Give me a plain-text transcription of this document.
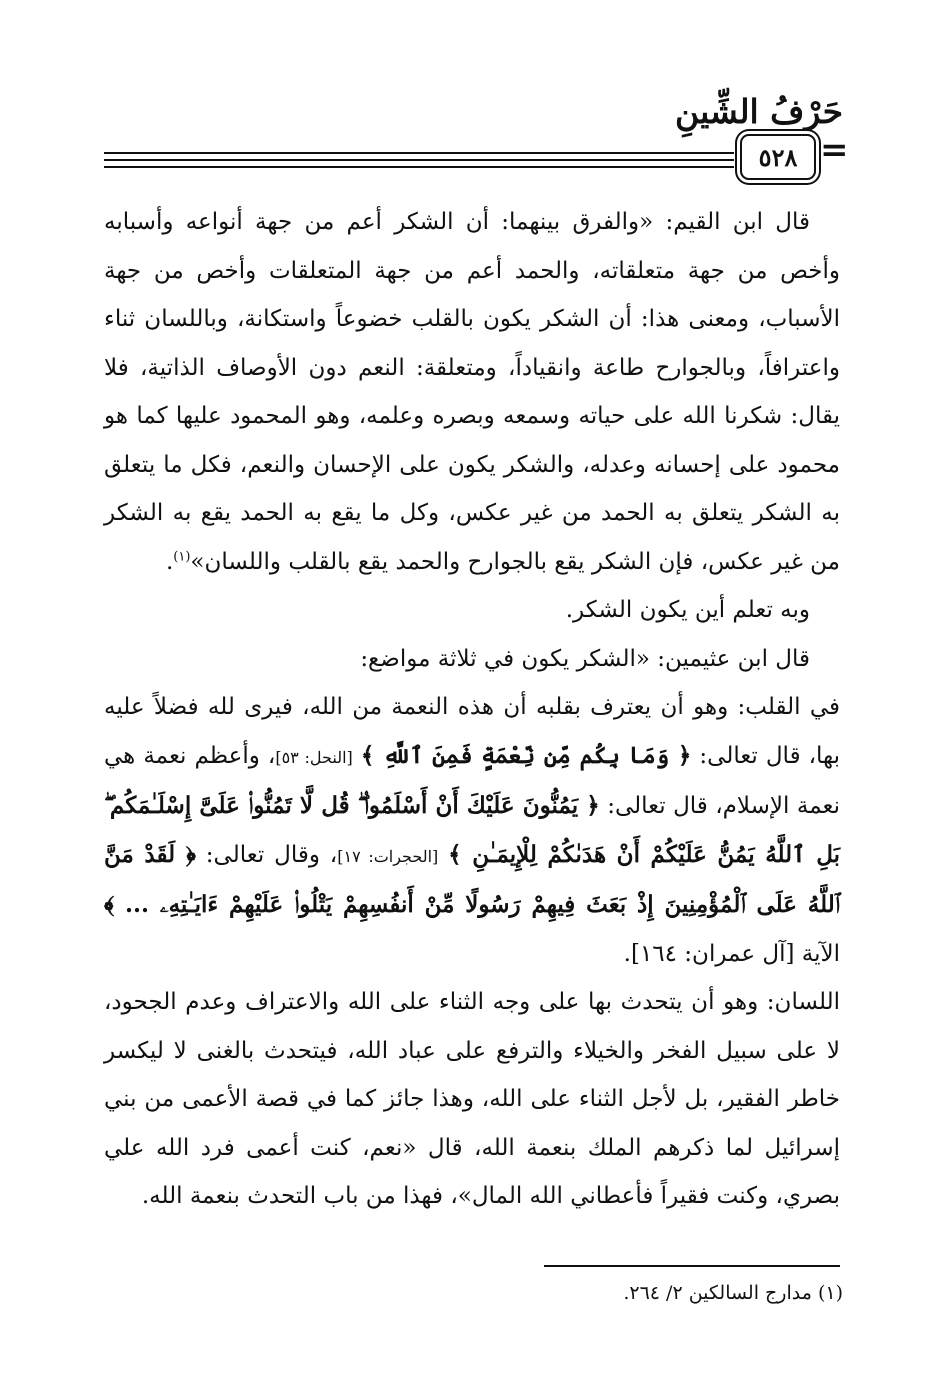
حَرْفُ الشِّينِ
٥٢٨ =

قال ابن القيم: «والفرق بينهما: أن الشكر أعم من جهة أنواعه وأسبابه وأخص من جهة متعلقاته، والحمد أعم من جهة المتعلقات وأخص من جهة الأسباب، ومعنى هذا: أن الشكر يكون بالقلب خضوعاً واستكانة، وباللسان ثناء واعترافاً، وبالجوارح طاعة وانقياداً، ومتعلقة: النعم دون الأوصاف الذاتية، فلا يقال: شكرنا الله على حياته وسمعه وبصره وعلمه، وهو المحمود عليها كما هو محمود على إحسانه وعدله، والشكر يكون على الإحسان والنعم، فكل ما يتعلق به الشكر يتعلق به الحمد من غير عكس، وكل ما يقع به الحمد يقع به الشكر من غير عكس، فإن الشكر يقع بالجوارح والحمد يقع بالقلب واللسان»$^{(١)}$.

وبه تعلم أين يكون الشكر.

قال ابن عثيمين: «الشكر يكون في ثلاثة مواضع:

في القلب: وهو أن يعترف بقلبه أن هذه النعمة من الله، فيرى لله فضلاً عليه بها، قال تعالى: ﴿ وَمَا بِكُم مِّن نِّعْمَةٍ فَمِنَ ٱللَّهِ ﴾ [النحل: ٥٣]، وأعظم نعمة هي نعمة الإسلام، قال تعالى: ﴿ يَمُنُّونَ عَلَيْكَ أَنْ أَسْلَمُوا۟ ۖ قُل لَّا تَمُنُّوا۟ عَلَىَّ إِسْلَـٰمَكُم ۖ بَلِ ٱللَّهُ يَمُنُّ عَلَيْكُمْ أَنْ هَدَىٰكُمْ لِلْإِيمَـٰنِ ﴾ [الحجرات: ١٧]، وقال تعالى: ﴿ لَقَدْ مَنَّ ٱللَّهُ عَلَى ٱلْمُؤْمِنِينَ إِذْ بَعَثَ فِيهِمْ رَسُولًا مِّنْ أَنفُسِهِمْ يَتْلُوا۟ عَلَيْهِمْ ءَايَـٰتِهِۦ ... ﴾ الآية [آل عمران: ١٦٤].

اللسان: وهو أن يتحدث بها على وجه الثناء على الله والاعتراف وعدم الجحود، لا على سبيل الفخر والخيلاء والترفع على عباد الله، فيتحدث بالغنى لا ليكسر خاطر الفقير، بل لأجل الثناء على الله، وهذا جائز كما في قصة الأعمى من بني إسرائيل لما ذكرهم الملك بنعمة الله، قال «نعم، كنت أعمى فرد الله علي بصري، وكنت فقيراً فأعطاني الله المال»، فهذا من باب التحدث بنعمة الله.

(١) مدارج السالكين ٢/ ٢٦٤.
